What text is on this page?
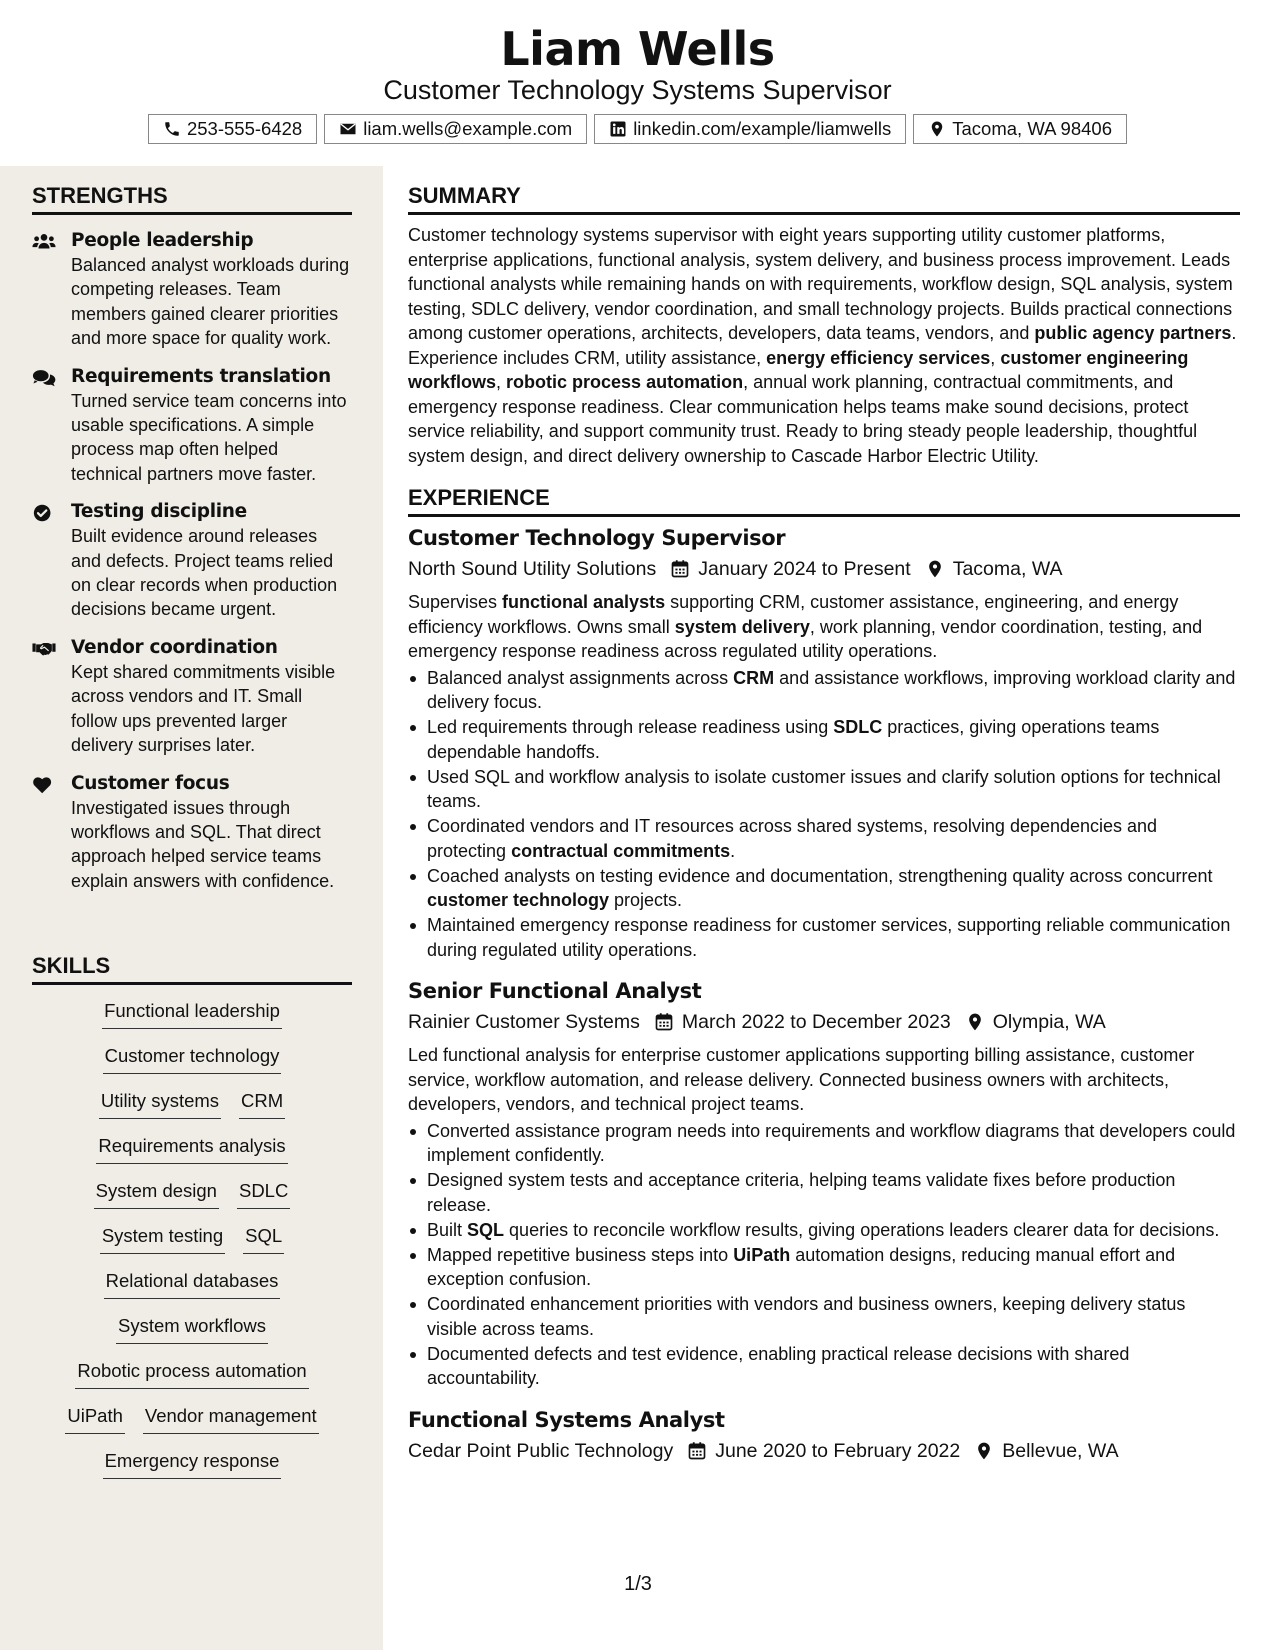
Liam Wells
Customer Technology Systems Supervisor
253-555-6428	liam.wells@example.com	linkedin.com/example/liamwells	Tacoma, WA 98406
STRENGTHS
People leadership
Balanced analyst workloads during competing releases. Team members gained clearer priorities and more space for quality work.
Requirements translation
Turned service team concerns into usable specifications. A simple process map often helped technical partners move faster.
Testing discipline
Built evidence around releases and defects. Project teams relied on clear records when production decisions became urgent.
Vendor coordination
Kept shared commitments visible across vendors and IT. Small follow ups prevented larger delivery surprises later.
Customer focus
Investigated issues through workflows and SQL. That direct approach helped service teams explain answers with confidence.
SKILLS
Functional leadership
Customer technology
Utility systems CRM
Requirements analysis
System design SDLC
System testing SQL
Relational databases
System workflows
Robotic process automation
UiPath Vendor management
Emergency response
SUMMARY
Customer technology systems supervisor with eight years supporting utility customer platforms, enterprise applications, functional analysis, system delivery, and business process improvement. Leads functional analysts while remaining hands on with requirements, workflow design, SQL analysis, system testing, SDLC delivery, vendor coordination, and small technology projects. Builds practical connections among customer operations, architects, developers, data teams, vendors, and public agency partners. Experience includes CRM, utility assistance, energy efficiency services, customer engineering workflows, robotic process automation, annual work planning, contractual commitments, and emergency response readiness. Clear communication helps teams make sound decisions, protect service reliability, and support community trust. Ready to bring steady people leadership, thoughtful system design, and direct delivery ownership to Cascade Harbor Electric Utility.
EXPERIENCE
Customer Technology Supervisor
North Sound Utility Solutions January 2024 to Present Tacoma, WA
Supervises functional analysts supporting CRM, customer assistance, engineering, and energy efficiency workflows. Owns small system delivery, work planning, vendor coordination, testing, and emergency response readiness across regulated utility operations.
Balanced analyst assignments across CRM and assistance workflows, improving workload clarity and delivery focus.
Led requirements through release readiness using SDLC practices, giving operations teams dependable handoffs.
Used SQL and workflow analysis to isolate customer issues and clarify solution options for technical teams.
Coordinated vendors and IT resources across shared systems, resolving dependencies and protecting contractual commitments.
Coached analysts on testing evidence and documentation, strengthening quality across concurrent customer technology projects.
Maintained emergency response readiness for customer services, supporting reliable communication during regulated utility operations.
Senior Functional Analyst
Rainier Customer Systems March 2022 to December 2023 Olympia, WA
Led functional analysis for enterprise customer applications supporting billing assistance, customer service, workflow automation, and release delivery. Connected business owners with architects, developers, vendors, and technical project teams.
Converted assistance program needs into requirements and workflow diagrams that developers could implement confidently.
Designed system tests and acceptance criteria, helping teams validate fixes before production release.
Built SQL queries to reconcile workflow results, giving operations leaders clearer data for decisions.
Mapped repetitive business steps into UiPath automation designs, reducing manual effort and exception confusion.
Coordinated enhancement priorities with vendors and business owners, keeping delivery status visible across teams.
Documented defects and test evidence, enabling practical release decisions with shared accountability.
Functional Systems Analyst
Cedar Point Public Technology June 2020 to February 2022 Bellevue, WA
1/3
